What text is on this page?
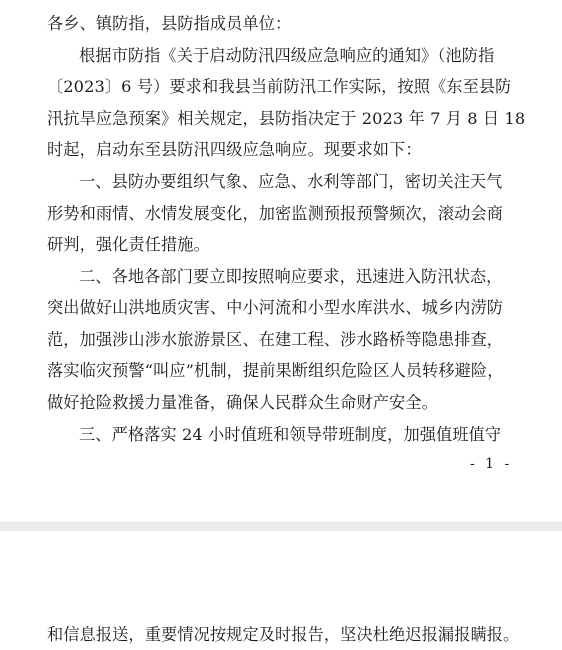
各乡、镇防指，县防指成员单位：
根据市防指《关于启动防汛四级应急响应的通知》（池防指
〔2023〕6 号）要求和我县当前防汛工作实际，按照《东至县防
汛抗旱应急预案》相关规定，县防指决定于 2023 年 7 月 8 日 18
时起，启动东至县防汛四级应急响应。现要求如下：
一、县防办要组织气象、应急、水利等部门，密切关注天气
形势和雨情、水情发展变化，加密监测预报预警频次，滚动会商
研判，强化责任措施。
二、各地各部门要立即按照响应要求，迅速进入防汛状态，
突出做好山洪地质灾害、中小河流和小型水库洪水、城乡内涝防
范，加强涉山涉水旅游景区、在建工程、涉水路桥等隐患排查，
落实临灾预警“叫应”机制，提前果断组织危险区人员转移避险，
做好抢险救援力量准备，确保人民群众生命财产安全。
三、严格落实 24 小时值班和领导带班制度，加强值班值守
- 1 -
和信息报送，重要情况按规定及时报告，坚决杜绝迟报漏报瞒报。
